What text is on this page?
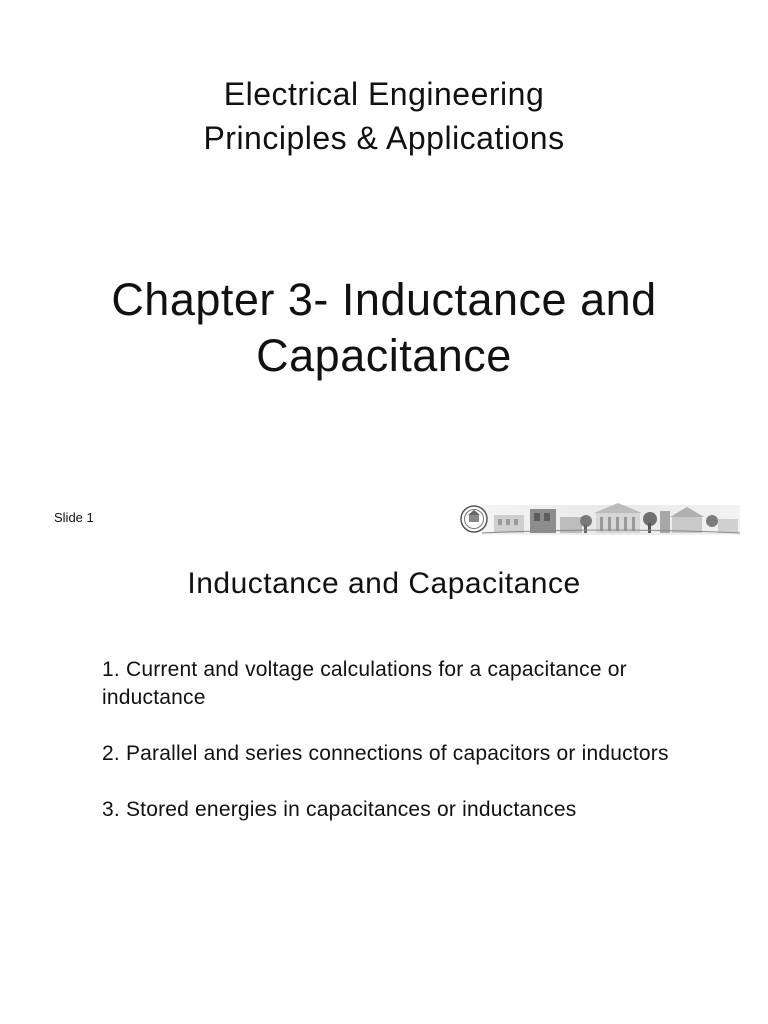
Electrical Engineering
Principles & Applications
Chapter 3- Inductance and
Capacitance
Slide 1
Inductance and Capacitance
1. Current and voltage calculations for a capacitance or inductance
2. Parallel and series connections of capacitors or inductors
3. Stored energies in capacitances or inductances
